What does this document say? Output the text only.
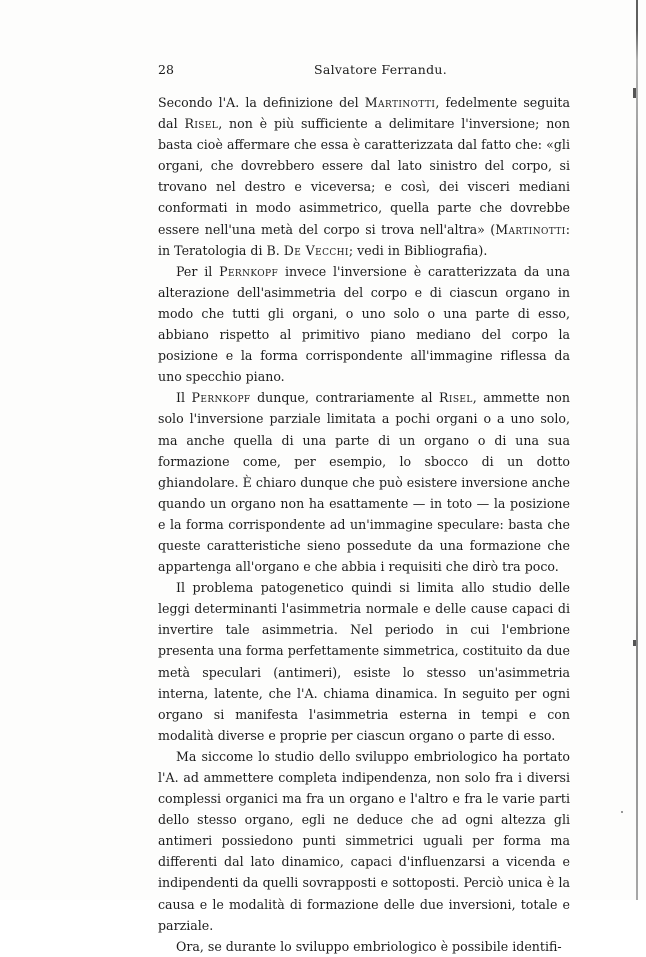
28	Salvatore Ferrandu.

Secondo l'A. la definizione del Martinotti, fedelmente seguita dal Risel, non è più sufficiente a delimitare l'inversione; non basta cioè affermare che essa è caratterizzata dal fatto che: «gli organi, che dovrebbero essere dal lato sinistro del corpo, si trovano nel destro e viceversa; e così, dei visceri mediani conformati in modo asimmetrico, quella parte che dovrebbe essere nell'una metà del corpo si trova nell'altra» (Martinotti: in Teratologia di B. De Vecchi; vedi in Bibliografia).

Per il Pernkopf invece l'inversione è caratterizzata da una alterazione dell'asimmetria del corpo e di ciascun organo in modo che tutti gli organi, o uno solo o una parte di esso, abbiano rispetto al primitivo piano mediano del corpo la posizione e la forma corrispondente all'immagine riflessa da uno specchio piano.

Il Pernkopf dunque, contrariamente al Risel, ammette non solo l'inversione parziale limitata a pochi organi o a uno solo, ma anche quella di una parte di un organo o di una sua formazione come, per esempio, lo sbocco di un dotto ghiandolare. È chiaro dunque che può esistere inversione anche quando un organo non ha esattamente — in toto — la posizione e la forma corrispondente ad un'immagine speculare: basta che queste caratteristiche sieno possedute da una formazione che appartenga all'organo e che abbia i requisiti che dirò tra poco.

Il problema patogenetico quindi si limita allo studio delle leggi determinanti l'asimmetria normale e delle cause capaci di invertire tale asimmetria. Nel periodo in cui l'embrione presenta una forma perfettamente simmetrica, costituito da due metà speculari (antimeri), esiste lo stesso un'asimmetria interna, latente, che l'A. chiama dinamica. In seguito per ogni organo si manifesta l'asimmetria esterna in tempi e con modalità diverse e proprie per ciascun organo o parte di esso.

Ma siccome lo studio dello sviluppo embriologico ha portato l'A. ad ammettere completa indipendenza, non solo fra i diversi complessi organici ma fra un organo e l'altro e fra le varie parti dello stesso organo, egli ne deduce che ad ogni altezza gli antimeri possiedono punti simmetrici uguali per forma ma differenti dal lato dinamico, capaci d'influenzarsi a vicenda e indipendenti da quelli sovrapposti e sottoposti. Perciò unica è la causa e le modalità di formazione delle due inversioni, totale e parziale.

Ora, se durante lo sviluppo embriologico è possibile identifi-
